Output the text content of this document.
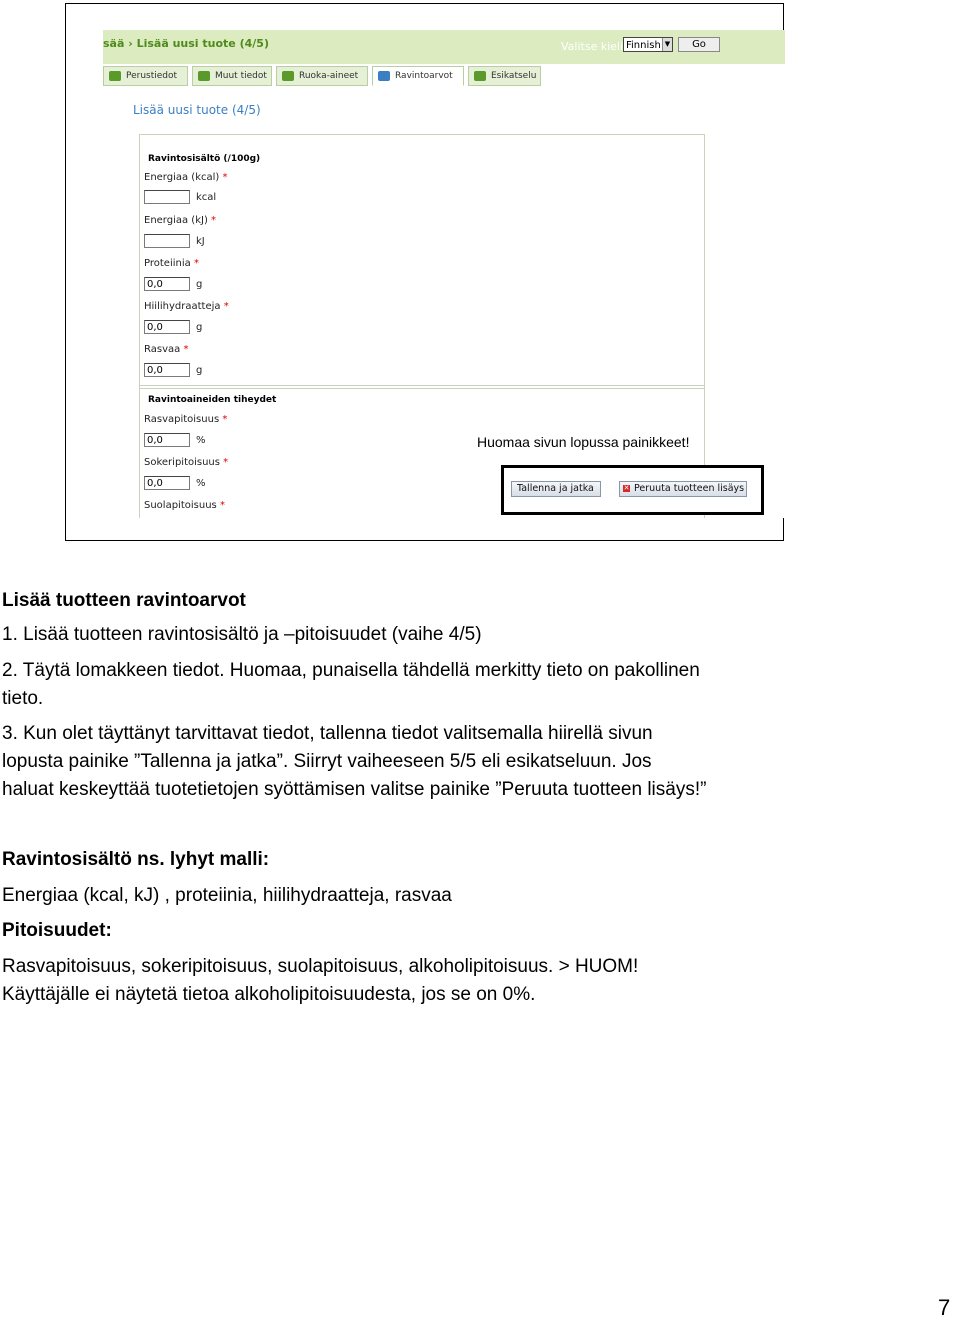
sää › Lisää uusi tuote (4/5)	Valitse kieli Finnish ▼	Go
Perustiedot	Muut tiedot	Ruoka-aineet	Ravintoarvot	Esikatselu
Lisää uusi tuote (4/5)
Ravintosisältö (/100g)
Energiaa (kcal) *
kcal
Energiaa (kJ) *
kJ
Proteiinia *
0,0
g
Hiilihydraatteja *
0,0
g
Rasvaa *
0,0
g
Ravintoaineiden tiheydet
Rasvapitoisuus *
0,0
%
Sokeripitoisuus *
0,0
%
Suolapitoisuus *
Huomaa sivun lopussa painikkeet!
Tallenna ja jatka	✕ Peruuta tuotteen lisäys
Lisää tuotteen ravintoarvot
1. Lisää tuotteen ravintosisältö ja –pitoisuudet (vaihe 4/5)
2. Täytä lomakkeen tiedot. Huomaa, punaisella tähdellä merkitty tieto on pakollinen
tieto.
3. Kun olet täyttänyt tarvittavat tiedot, tallenna tiedot valitsemalla hiirellä sivun
lopusta painike ”Tallenna ja jatka”. Siirryt vaiheeseen 5/5 eli esikatseluun. Jos
haluat keskeyttää tuotetietojen syöttämisen valitse painike ”Peruuta tuotteen lisäys!”
Ravintosisältö ns. lyhyt malli:
Energiaa (kcal, kJ) , proteiinia, hiilihydraatteja, rasvaa
Pitoisuudet:
Rasvapitoisuus, sokeripitoisuus, suolapitoisuus, alkoholipitoisuus. > HUOM!
Käyttäjälle ei näytetä tietoa alkoholipitoisuudesta, jos se on 0%.
7
